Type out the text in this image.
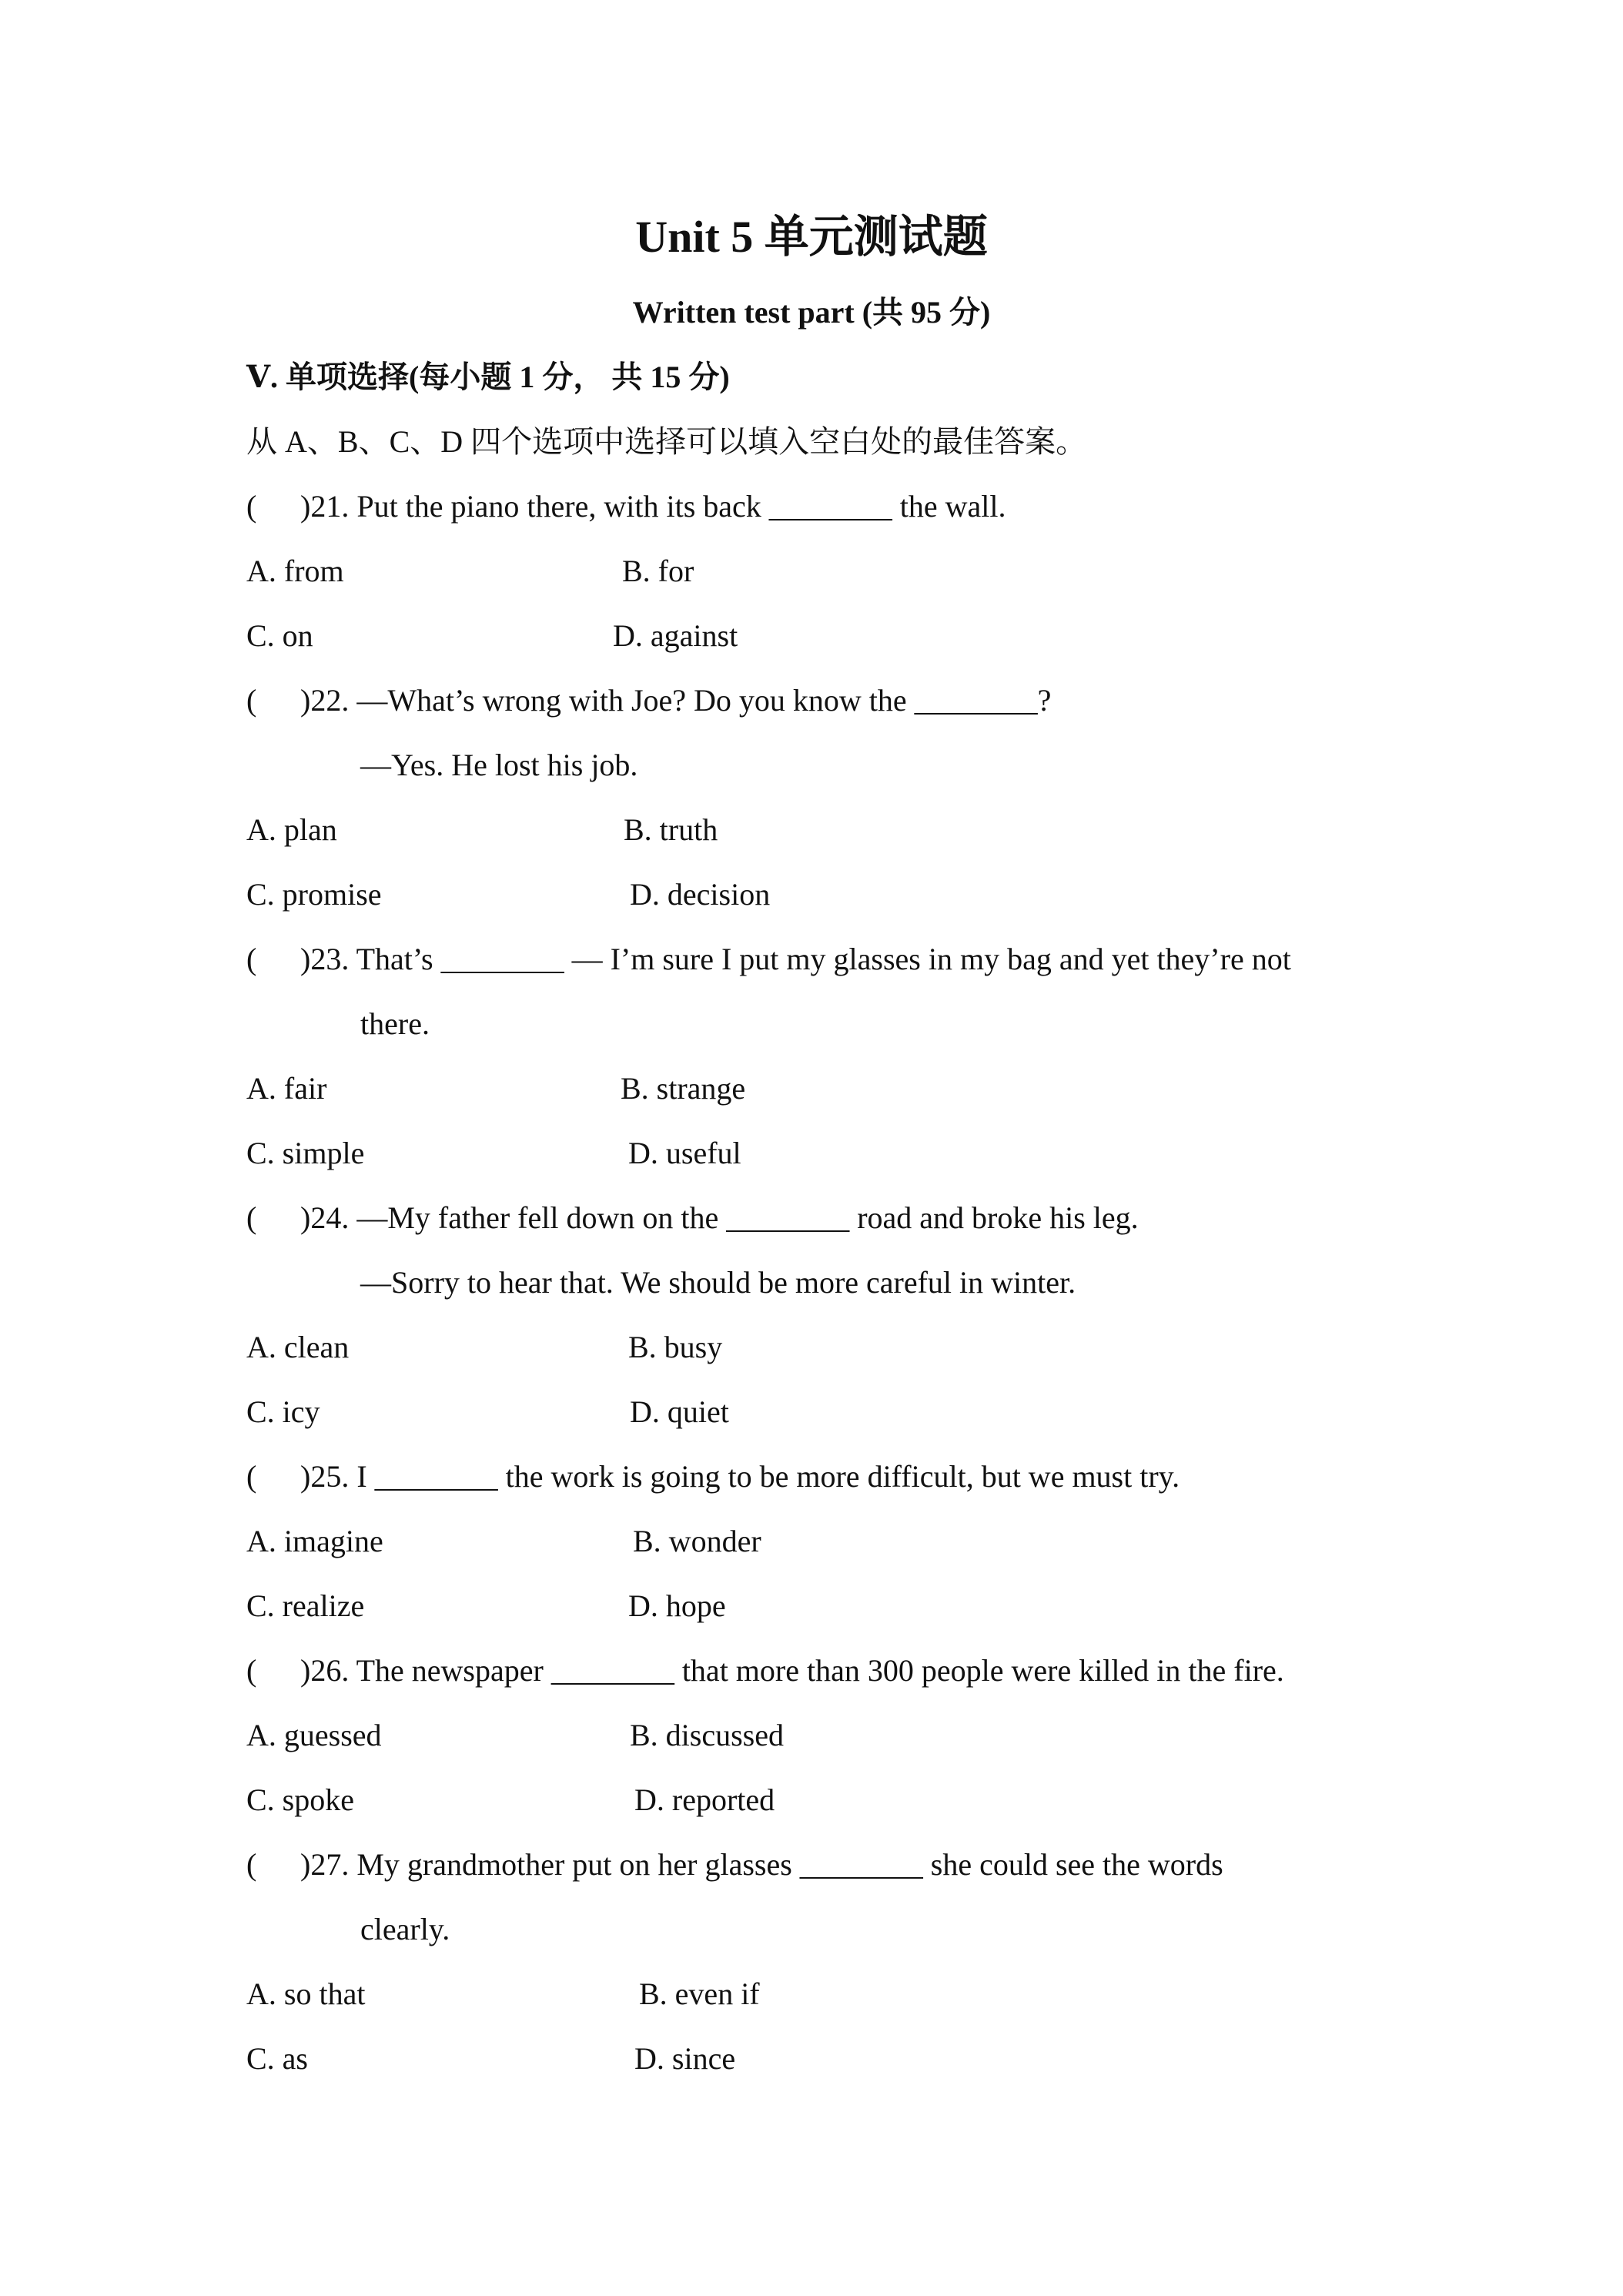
Unit 5 单元测试题
Written test part (共 95 分)
Ⅴ. 单项选择(每小题 1 分， 共 15 分)
从 A、B、C、D 四个选项中选择可以填入空白处的最佳答案。
( )21. Put the piano there, with its back ________ the wall.
A. from	B. for
C. on	D. against
( )22. —What’s wrong with Joe? Do you know the ________?
—Yes. He lost his job.
A. plan	B. truth
C. promise	D. decision
( )23. That’s ________ — I’m sure I put my glasses in my bag and yet they’re not
there.
A. fair	B. strange
C. simple	D. useful
( )24. —My father fell down on the ________ road and broke his leg.
—Sorry to hear that. We should be more careful in winter.
A. clean	B. busy
C. icy	D. quiet
( )25. I ________ the work is going to be more difficult, but we must try.
A. imagine	B. wonder
C. realize	D. hope
( )26. The newspaper ________ that more than 300 people were killed in the fire.
A. guessed	B. discussed
C. spoke	D. reported
( )27. My grandmother put on her glasses ________ she could see the words
clearly.
A. so that	B. even if
C. as	D. since
